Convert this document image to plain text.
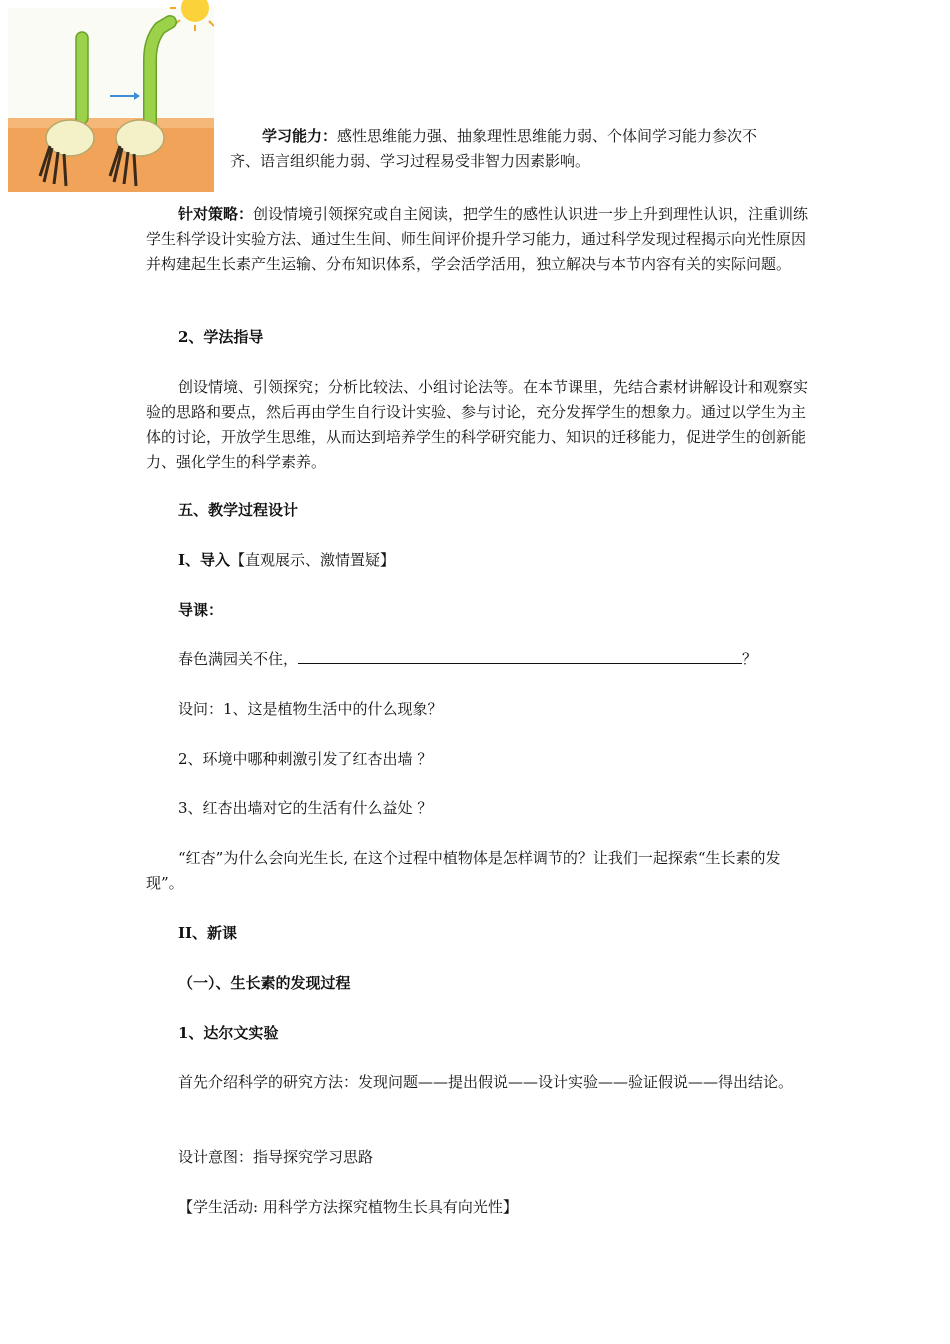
学习能力：感性思维能力强、抽象理性思维能力弱、个体间学习能力参次不
齐、语言组织能力弱、学习过程易受非智力因素影响。

针对策略：创设情境引领探究或自主阅读，把学生的感性认识进一步上升到理性认识，注重训练学生科学设计实验方法、通过生生间、师生间评价提升学习能力，通过科学发现过程揭示向光性原因并构建起生长素产生运输、分布知识体系，学会活学活用，独立解决与本节内容有关的实际问题。

2、学法指导

创设情境、引领探究；分析比较法、小组讨论法等。在本节课里，先结合素材讲解设计和观察实验的思路和要点，然后再由学生自行设计实验、参与讨论，充分发挥学生的想象力。通过以学生为主体的讨论，开放学生思维，从而达到培养学生的科学研究能力、知识的迁移能力，促进学生的创新能力、强化学生的科学素养。

五、教学过程设计

I、导入【直观展示、激情置疑】

导课：

春色满园关不住，	？

设问：1、这是植物生活中的什么现象？

2、环境中哪种刺激引发了红杏出墙 ？

3、红杏出墙对它的生活有什么益处 ？

“红杏”为什么会向光生长, 在这个过程中植物体是怎样调节的？让我们一起探索“生长素的发现”。

II、新课

（一）、生长素的发现过程

1、达尔文实验

首先介绍科学的研究方法：发现问题——提出假说——设计实验——验证假说——得出结论。

设计意图：指导探究学习思路

【学生活动: 用科学方法探究植物生长具有向光性】
